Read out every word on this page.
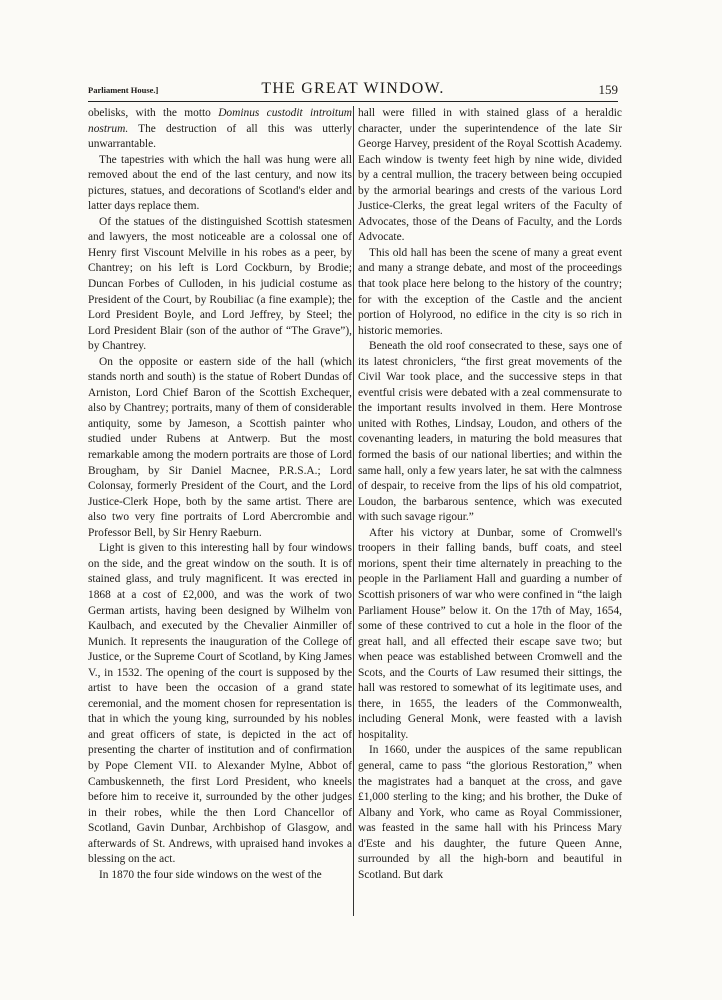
Parliament House.]	THE GREAT WINDOW.	159

obelisks, with the motto Dominus custodit introitum nostrum. The destruction of all this was utterly unwarrantable.

The tapestries with which the hall was hung were all removed about the end of the last century, and now its pictures, statues, and decorations of Scotland's elder and latter days replace them.

Of the statues of the distinguished Scottish statesmen and lawyers, the most noticeable are a colossal one of Henry first Viscount Melville in his robes as a peer, by Chantrey; on his left is Lord Cockburn, by Brodie; Duncan Forbes of Culloden, in his judicial costume as President of the Court, by Roubiliac (a fine example); the Lord President Boyle, and Lord Jeffrey, by Steel; the Lord President Blair (son of the author of “The Grave”), by Chantrey.

On the opposite or eastern side of the hall (which stands north and south) is the statue of Robert Dundas of Arniston, Lord Chief Baron of the Scottish Exchequer, also by Chantrey; portraits, many of them of considerable antiquity, some by Jameson, a Scottish painter who studied under Rubens at Antwerp. But the most remarkable among the modern portraits are those of Lord Brougham, by Sir Daniel Macnee, P.R.S.A.; Lord Colonsay, formerly President of the Court, and the Lord Justice-Clerk Hope, both by the same artist. There are also two very fine portraits of Lord Abercrombie and Professor Bell, by Sir Henry Raeburn.

Light is given to this interesting hall by four windows on the side, and the great window on the south. It is of stained glass, and truly magnificent. It was erected in 1868 at a cost of £2,000, and was the work of two German artists, having been designed by Wilhelm von Kaulbach, and executed by the Chevalier Ainmiller of Munich. It represents the inauguration of the College of Justice, or the Supreme Court of Scotland, by King James V., in 1532. The opening of the court is supposed by the artist to have been the occasion of a grand state ceremonial, and the moment chosen for representation is that in which the young king, surrounded by his nobles and great officers of state, is depicted in the act of presenting the charter of institution and of confirmation by Pope Clement VII. to Alexander Mylne, Abbot of Cambuskenneth, the first Lord President, who kneels before him to receive it, surrounded by the other judges in their robes, while the then Lord Chancellor of Scotland, Gavin Dunbar, Archbishop of Glasgow, and afterwards of St. Andrews, with upraised hand invokes a blessing on the act.

In 1870 the four side windows on the west of the

hall were filled in with stained glass of a heraldic character, under the superintendence of the late Sir George Harvey, president of the Royal Scottish Academy. Each window is twenty feet high by nine wide, divided by a central mullion, the tracery between being occupied by the armorial bearings and crests of the various Lord Justice-Clerks, the great legal writers of the Faculty of Advocates, those of the Deans of Faculty, and the Lords Advocate.

This old hall has been the scene of many a great event and many a strange debate, and most of the proceedings that took place here belong to the history of the country; for with the exception of the Castle and the ancient portion of Holyrood, no edifice in the city is so rich in historic memories.

Beneath the old roof consecrated to these, says one of its latest chroniclers, “the first great movements of the Civil War took place, and the successive steps in that eventful crisis were debated with a zeal commensurate to the important results involved in them. Here Montrose united with Rothes, Lindsay, Loudon, and others of the covenanting leaders, in maturing the bold measures that formed the basis of our national liberties; and within the same hall, only a few years later, he sat with the calmness of despair, to receive from the lips of his old compatriot, Loudon, the barbarous sentence, which was executed with such savage rigour.”

After his victory at Dunbar, some of Cromwell's troopers in their falling bands, buff coats, and steel morions, spent their time alternately in preaching to the people in the Parliament Hall and guarding a number of Scottish prisoners of war who were confined in “the laigh Parliament House” below it. On the 17th of May, 1654, some of these contrived to cut a hole in the floor of the great hall, and all effected their escape save two; but when peace was established between Cromwell and the Scots, and the Courts of Law resumed their sittings, the hall was restored to somewhat of its legitimate uses, and there, in 1655, the leaders of the Commonwealth, including General Monk, were feasted with a lavish hospitality.

In 1660, under the auspices of the same republican general, came to pass “the glorious Restoration,” when the magistrates had a banquet at the cross, and gave £1,000 sterling to the king; and his brother, the Duke of Albany and York, who came as Royal Commissioner, was feasted in the same hall with his Princess Mary d'Este and his daughter, the future Queen Anne, surrounded by all the high-born and beautiful in Scotland. But dark
